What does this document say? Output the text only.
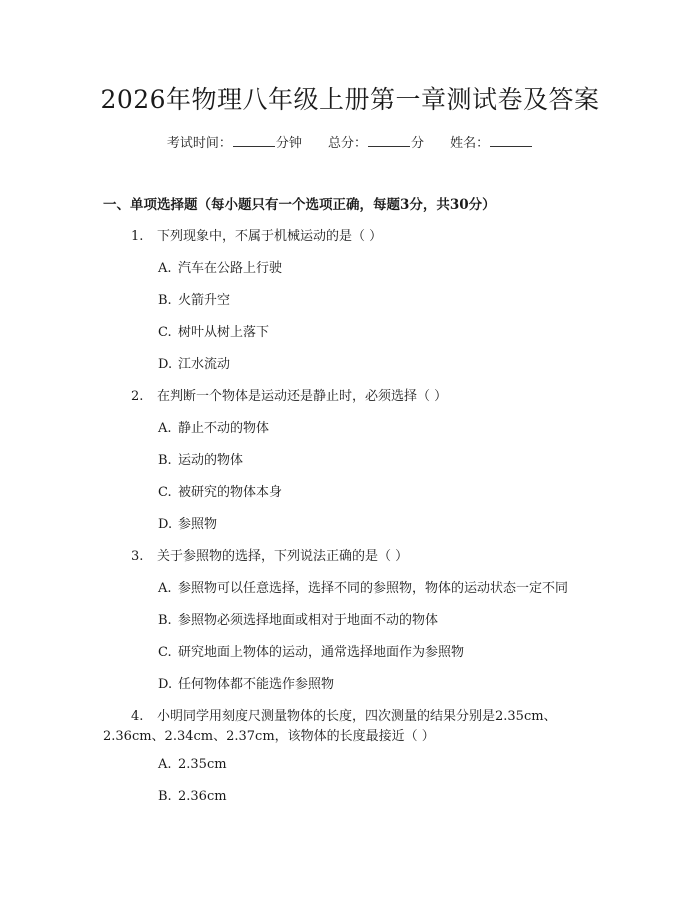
2026年物理八年级上册第一章测试卷及答案
考试时间：	分钟 总分：	分 姓名：
一、单项选择题（每小题只有一个选项正确，每题3分，共30分）
1. 下列现象中，不属于机械运动的是（ ）
A. 汽车在公路上行驶
B. 火箭升空
C. 树叶从树上落下
D. 江水流动
2. 在判断一个物体是运动还是静止时，必须选择（ ）
A. 静止不动的物体
B. 运动的物体
C. 被研究的物体本身
D. 参照物
3. 关于参照物的选择，下列说法正确的是（ ）
A. 参照物可以任意选择，选择不同的参照物，物体的运动状态一定不同
B. 参照物必须选择地面或相对于地面不动的物体
C. 研究地面上物体的运动，通常选择地面作为参照物
D. 任何物体都不能选作参照物
4. 小明同学用刻度尺测量物体的长度，四次测量的结果分别是2.35cm、
2.36cm、2.34cm、2.37cm，该物体的长度最接近（ ）
A. 2.35cm
B. 2.36cm
